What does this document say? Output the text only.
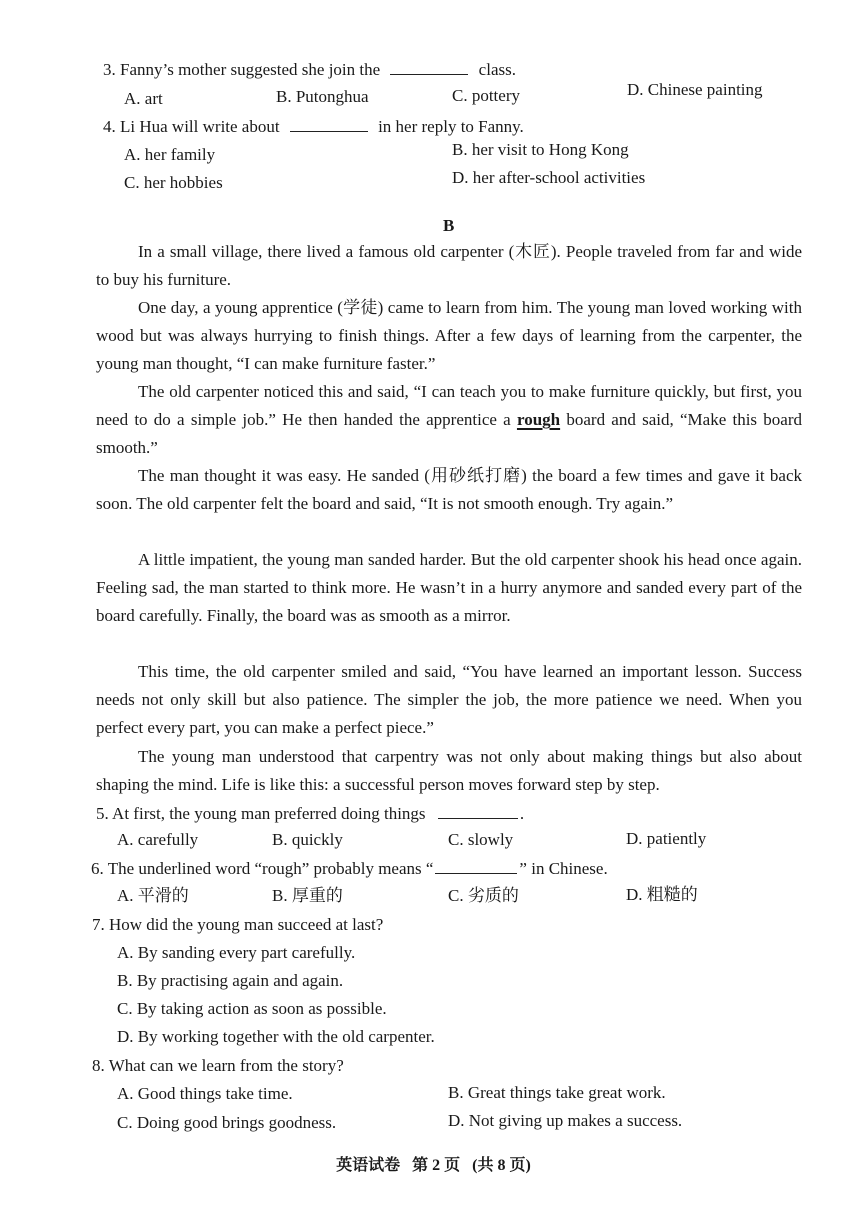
3. Fanny’s mother suggested she join the	class.
A. art	B. Putonghua	C. pottery	D. Chinese painting
4. Li Hua will write about	in her reply to Fanny.
A. her family	B. her visit to Hong Kong
C. her hobbies	D. her after-school activities
B
In a small village, there lived a famous old carpenter (木匠). People traveled from far and wide to buy his furniture.
One day, a young apprentice (学徒) came to learn from him. The young man loved working with wood but was always hurrying to finish things. After a few days of learning from the carpenter, the young man thought, “I can make furniture faster.”
The old carpenter noticed this and said, “I can teach you to make furniture quickly, but first, you need to do a simple job.” He then handed the apprentice a rough board and said, “Make this board smooth.”
The man thought it was easy. He sanded (用砂纸打磨) the board a few times and gave it back soon. The old carpenter felt the board and said, “It is not smooth enough. Try again.”
A little impatient, the young man sanded harder. But the old carpenter shook his head once again. Feeling sad, the man started to think more. He wasn’t in a hurry anymore and sanded every part of the board carefully. Finally, the board was as smooth as a mirror.
This time, the old carpenter smiled and said, “You have learned an important lesson. Success needs not only skill but also patience. The simpler the job, the more patience we need. When you perfect every part, you can make a perfect piece.”
The young man understood that carpentry was not only about making things but also about shaping the mind. Life is like this: a successful person moves forward step by step.
5. At first, the young man preferred doing things	.
A. carefully	B. quickly	C. slowly	D. patiently
6. The underlined word “rough” probably means “	” in Chinese.
A. 平滑的	B. 厚重的	C. 劣质的	D. 粗糙的
7. How did the young man succeed at last?
A. By sanding every part carefully.
B. By practising again and again.
C. By taking action as soon as possible.
D. By working together with the old carpenter.
8. What can we learn from the story?
A. Good things take time.	B. Great things take great work.
C. Doing good brings goodness.	D. Not giving up makes a success.
英语试卷 第 2 页 (共 8 页)
